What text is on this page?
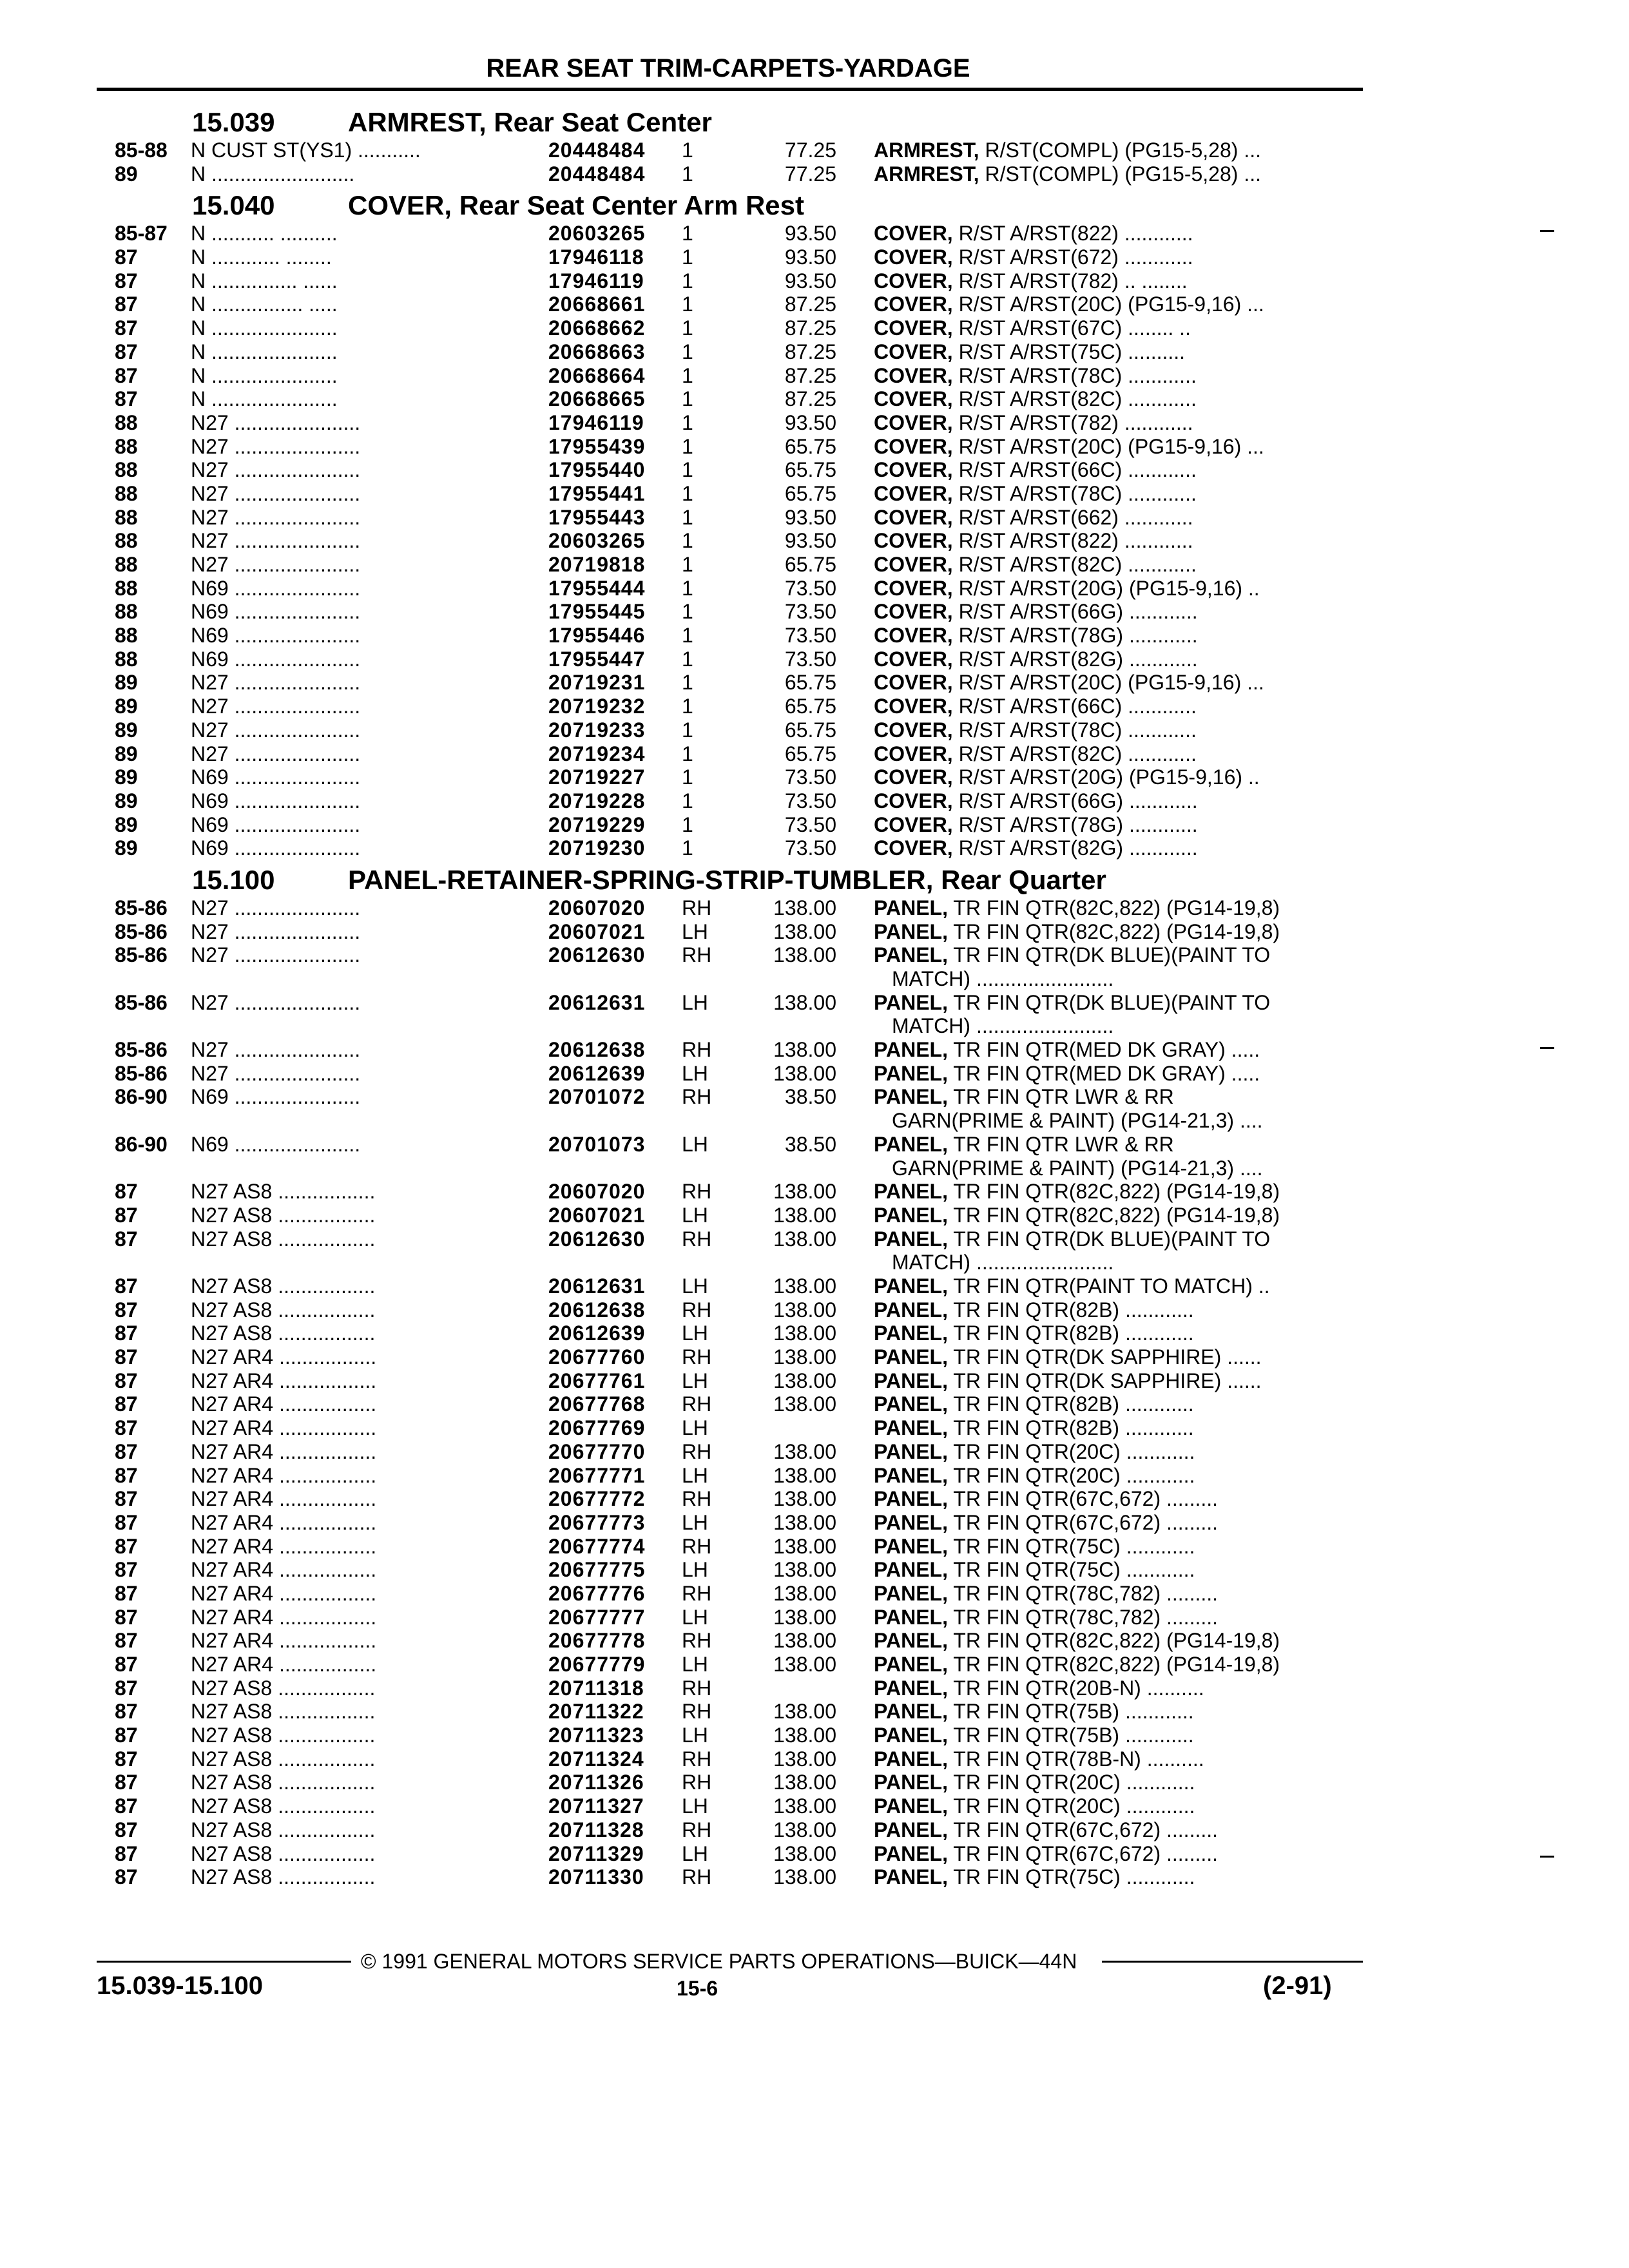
REAR SEAT TRIM-CARPETS-YARDAGE
15.039	ARMREST, Rear Seat Center
85-88 N CUST ST(YS1) ...........	20448484 1	77.25 ARMREST, R/ST(COMPL) (PG15-5,28) ...
89	N .........................	20448484 1	77.25 ARMREST, R/ST(COMPL) (PG15-5,28) ...
15.040	COVER, Rear Seat Center Arm Rest
85-87 N ........... ..........	20603265 1	93.50 COVER, R/ST A/RST(822) ............
87	N ............ ........	17946118 1	93.50 COVER, R/ST A/RST(672) ............
87	N ............... ......	17946119 1	93.50 COVER, R/ST A/RST(782) .. ........
87	N ................ .....	20668661 1	87.25 COVER, R/ST A/RST(20C) (PG15-9,16) ...
87	N ......................	20668662 1	87.25 COVER, R/ST A/RST(67C) ........ ..
87	N ......................	20668663 1	87.25 COVER, R/ST A/RST(75C) ..........
87	N ......................	20668664 1	87.25 COVER, R/ST A/RST(78C) ............
87	N ......................	20668665 1	87.25 COVER, R/ST A/RST(82C) ............
88	N27 ......................	17946119 1	93.50 COVER, R/ST A/RST(782) ............
88	N27 ......................	17955439 1	65.75 COVER, R/ST A/RST(20C) (PG15-9,16) ...
88	N27 ......................	17955440 1	65.75 COVER, R/ST A/RST(66C) ............
88	N27 ......................	17955441 1	65.75 COVER, R/ST A/RST(78C) ............
88	N27 ......................	17955443 1	93.50 COVER, R/ST A/RST(662) ............
88	N27 ......................	20603265 1	93.50 COVER, R/ST A/RST(822) ............
88	N27 ......................	20719818 1	65.75 COVER, R/ST A/RST(82C) ............
88	N69 ......................	17955444 1	73.50 COVER, R/ST A/RST(20G) (PG15-9,16) ..
88	N69 ......................	17955445 1	73.50 COVER, R/ST A/RST(66G) ............
88	N69 ......................	17955446 1	73.50 COVER, R/ST A/RST(78G) ............
88	N69 ......................	17955447 1	73.50 COVER, R/ST A/RST(82G) ............
89	N27 ......................	20719231 1	65.75 COVER, R/ST A/RST(20C) (PG15-9,16) ...
89	N27 ......................	20719232 1	65.75 COVER, R/ST A/RST(66C) ............
89	N27 ......................	20719233 1	65.75 COVER, R/ST A/RST(78C) ............
89	N27 ......................	20719234 1	65.75 COVER, R/ST A/RST(82C) ............
89	N69 ......................	20719227 1	73.50 COVER, R/ST A/RST(20G) (PG15-9,16) ..
89	N69 ......................	20719228 1	73.50 COVER, R/ST A/RST(66G) ............
89	N69 ......................	20719229 1	73.50 COVER, R/ST A/RST(78G) ............
89	N69 ......................	20719230 1	73.50 COVER, R/ST A/RST(82G) ............
15.100	PANEL-RETAINER-SPRING-STRIP-TUMBLER, Rear Quarter
85-86 N27 ......................	20607020 RH	138.00 PANEL, TR FIN QTR(82C,822) (PG14-19,8)
85-86 N27 ......................	20607021 LH	138.00 PANEL, TR FIN QTR(82C,822) (PG14-19,8)
85-86 N27 ......................	20612630 RH	138.00 PANEL, TR FIN QTR(DK BLUE)(PAINT TO
MATCH) ........................
85-86 N27 ......................	20612631 LH	138.00 PANEL, TR FIN QTR(DK BLUE)(PAINT TO
MATCH) ........................
85-86 N27 ......................	20612638 RH	138.00 PANEL, TR FIN QTR(MED DK GRAY) .....
85-86 N27 ......................	20612639 LH	138.00 PANEL, TR FIN QTR(MED DK GRAY) .....
86-90 N69 ......................	20701072 RH	38.50 PANEL, TR FIN QTR LWR & RR
GARN(PRIME & PAINT) (PG14-21,3) ....
86-90 N69 ......................	20701073 LH	38.50 PANEL, TR FIN QTR LWR & RR
GARN(PRIME & PAINT) (PG14-21,3) ....
87	N27 AS8 .................	20607020 RH	138.00 PANEL, TR FIN QTR(82C,822) (PG14-19,8)
87	N27 AS8 .................	20607021 LH	138.00 PANEL, TR FIN QTR(82C,822) (PG14-19,8)
87	N27 AS8 .................	20612630 RH	138.00 PANEL, TR FIN QTR(DK BLUE)(PAINT TO
MATCH) ........................
87	N27 AS8 .................	20612631 LH	138.00 PANEL, TR FIN QTR(PAINT TO MATCH) ..
87	N27 AS8 .................	20612638 RH	138.00 PANEL, TR FIN QTR(82B) ............
87	N27 AS8 .................	20612639 LH	138.00 PANEL, TR FIN QTR(82B) ............
87	N27 AR4 .................	20677760 RH	138.00 PANEL, TR FIN QTR(DK SAPPHIRE) ......
87	N27 AR4 .................	20677761 LH	138.00 PANEL, TR FIN QTR(DK SAPPHIRE) ......
87	N27 AR4 .................	20677768 RH	138.00 PANEL, TR FIN QTR(82B) ............
87	N27 AR4 .................	20677769 LH	PANEL, TR FIN QTR(82B) ............
87	N27 AR4 .................	20677770 RH	138.00 PANEL, TR FIN QTR(20C) ............
87	N27 AR4 .................	20677771 LH	138.00 PANEL, TR FIN QTR(20C) ............
87	N27 AR4 .................	20677772 RH	138.00 PANEL, TR FIN QTR(67C,672) .........
87	N27 AR4 .................	20677773 LH	138.00 PANEL, TR FIN QTR(67C,672) .........
87	N27 AR4 .................	20677774 RH	138.00 PANEL, TR FIN QTR(75C) ............
87	N27 AR4 .................	20677775 LH	138.00 PANEL, TR FIN QTR(75C) ............
87	N27 AR4 .................	20677776 RH	138.00 PANEL, TR FIN QTR(78C,782) .........
87	N27 AR4 .................	20677777 LH	138.00 PANEL, TR FIN QTR(78C,782) .........
87	N27 AR4 .................	20677778 RH	138.00 PANEL, TR FIN QTR(82C,822) (PG14-19,8)
87	N27 AR4 .................	20677779 LH	138.00 PANEL, TR FIN QTR(82C,822) (PG14-19,8)
87	N27 AS8 .................	20711318 RH	PANEL, TR FIN QTR(20B-N) ..........
87	N27 AS8 .................	20711322 RH	138.00 PANEL, TR FIN QTR(75B) ............
87	N27 AS8 .................	20711323 LH	138.00 PANEL, TR FIN QTR(75B) ............
87	N27 AS8 .................	20711324 RH	138.00 PANEL, TR FIN QTR(78B-N) ..........
87	N27 AS8 .................	20711326 RH	138.00 PANEL, TR FIN QTR(20C) ............
87	N27 AS8 .................	20711327 LH	138.00 PANEL, TR FIN QTR(20C) ............
87	N27 AS8 .................	20711328 RH	138.00 PANEL, TR FIN QTR(67C,672) .........
87	N27 AS8 .................	20711329 LH	138.00 PANEL, TR FIN QTR(67C,672) .........
87	N27 AS8 .................	20711330 RH	138.00 PANEL, TR FIN QTR(75C) ............
© 1991 GENERAL MOTORS SERVICE PARTS OPERATIONS—BUICK—44N
15.039-15.100	15-6	(2-91)
